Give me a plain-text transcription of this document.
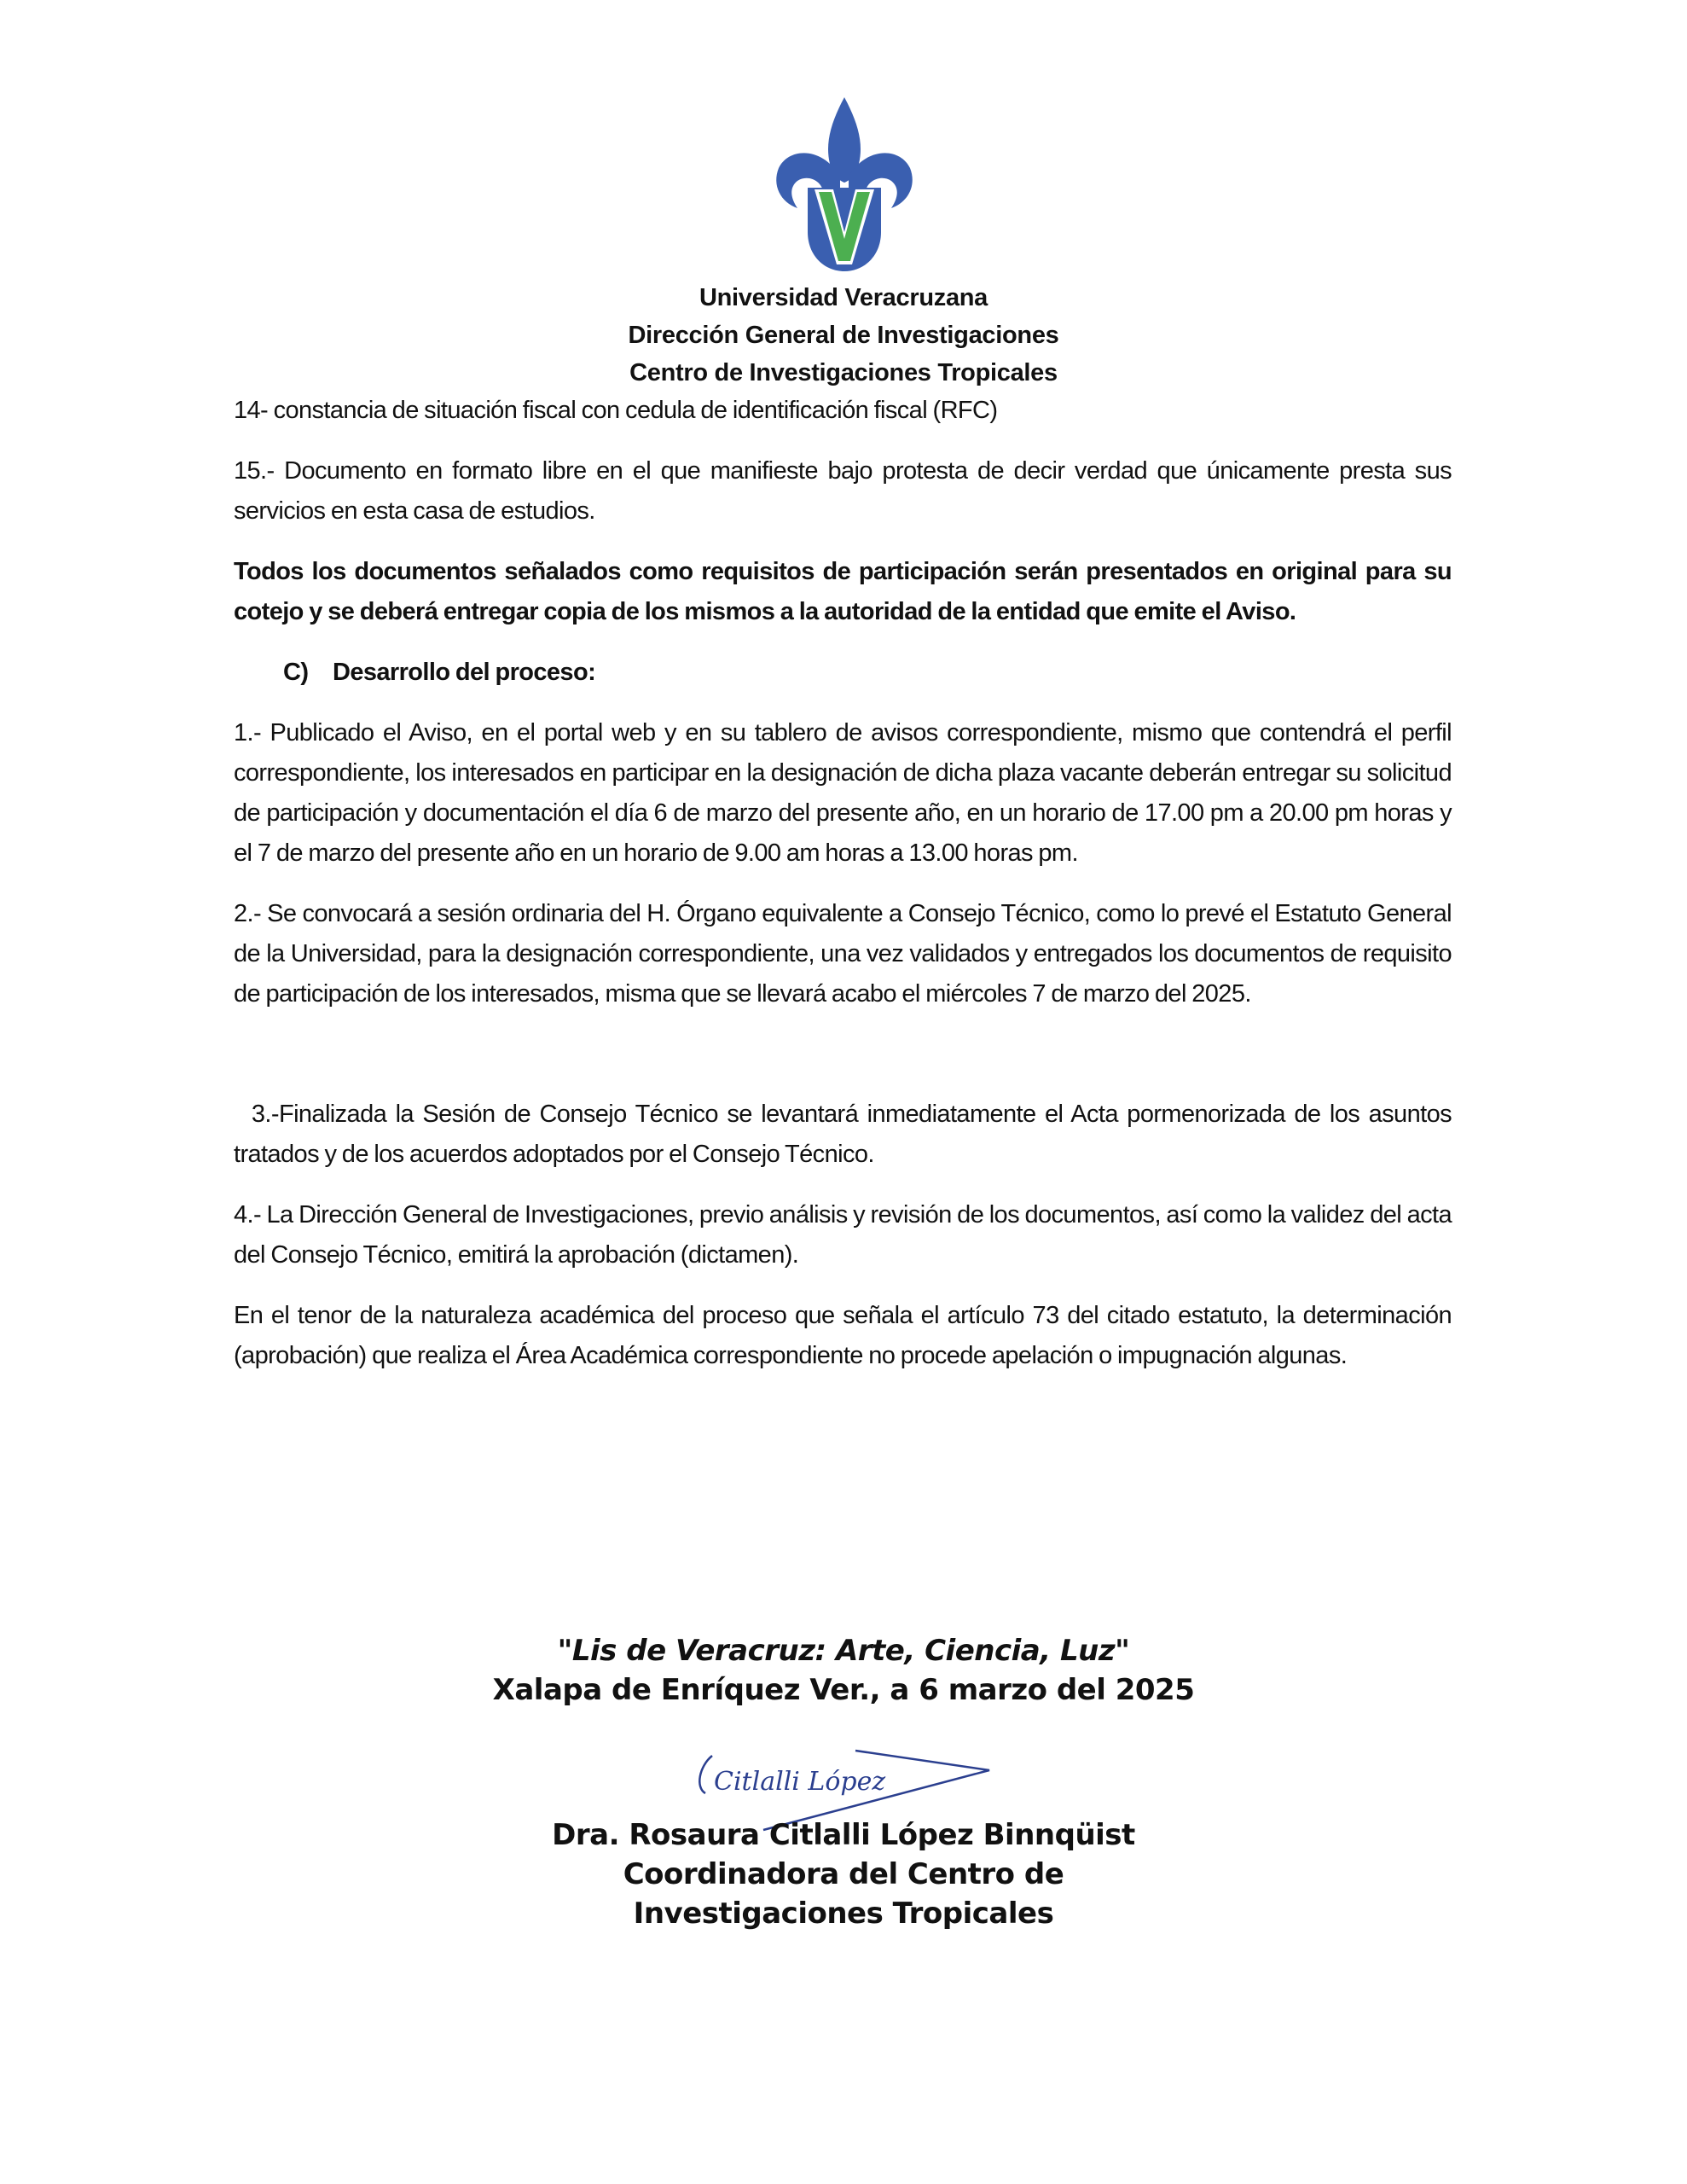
Universidad Veracruzana
Dirección General de Investigaciones
Centro de Investigaciones Tropicales

14- constancia de situación fiscal con cedula de identificación fiscal (RFC)

15.- Documento en formato libre en el que manifieste bajo protesta de decir verdad que únicamente presta sus servicios en esta casa de estudios.

Todos los documentos señalados como requisitos de participación serán presentados en original para su cotejo y se deberá entregar copia de los mismos a la autoridad de la entidad que emite el Aviso.

C) Desarrollo del proceso:

1.- Publicado el Aviso, en el portal web y en su tablero de avisos correspondiente, mismo que contendrá el perfil correspondiente, los interesados en participar en la designación de dicha plaza vacante deberán entregar su solicitud de participación y documentación el día 6 de marzo del presente año, en un horario de 17.00 pm a 20.00 pm horas y el 7 de marzo del presente año en un horario de 9.00 am horas a 13.00 horas pm.

2.- Se convocará a sesión ordinaria del H. Órgano equivalente a Consejo Técnico, como lo prevé el Estatuto General de la Universidad, para la designación correspondiente, una vez validados y entregados los documentos de requisito de participación de los interesados, misma que se llevará acabo el miércoles 7 de marzo del 2025.

3.-Finalizada la Sesión de Consejo Técnico se levantará inmediatamente el Acta pormenorizada de los asuntos tratados y de los acuerdos adoptados por el Consejo Técnico.

4.- La Dirección General de Investigaciones, previo análisis y revisión de los documentos, así como la validez del acta del Consejo Técnico, emitirá la aprobación (dictamen).

En el tenor de la naturaleza académica del proceso que señala el artículo 73 del citado estatuto, la determinación (aprobación) que realiza el Área Académica correspondiente no procede apelación o impugnación algunas.

"Lis de Veracruz: Arte, Ciencia, Luz"
Xalapa de Enríquez Ver., a 6 marzo del 2025
Citlalli López
Dra. Rosaura Citlalli López Binnqüist
Coordinadora del Centro de
Investigaciones Tropicales
